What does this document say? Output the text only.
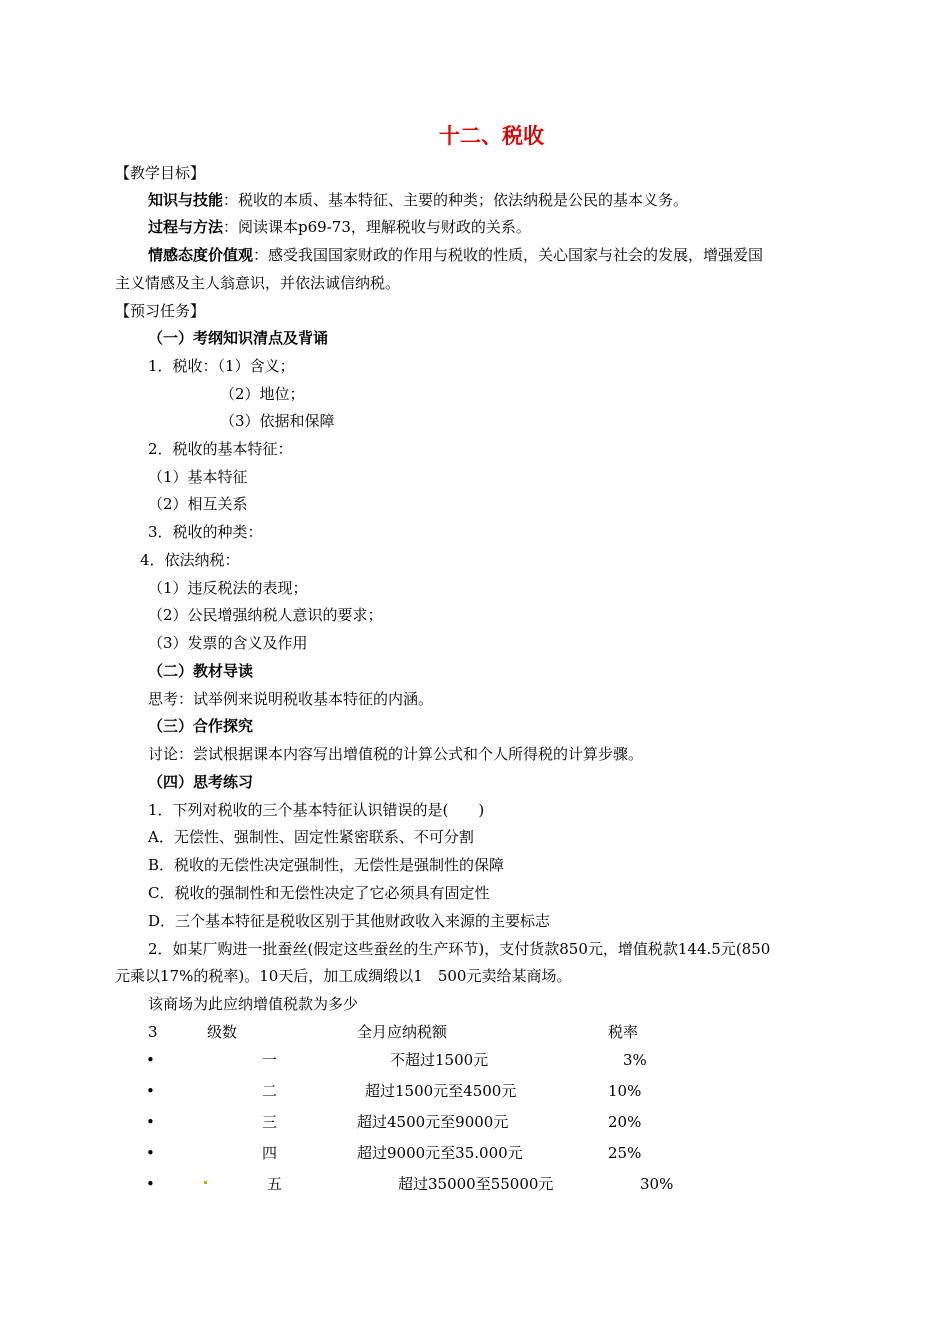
十二、税收
【教学目标】
知识与技能：税收的本质、基本特征、主要的种类；依法纳税是公民的基本义务。
过程与方法：阅读课本p69-73，理解税收与财政的关系。
情感态度价值观：感受我国国家财政的作用与税收的性质，关心国家与社会的发展，增强爱国
主义情感及主人翁意识，并依法诚信纳税。
【预习任务】
（一）考纲知识清点及背诵
1．税收：（1）含义；
（2）地位；
（3）依据和保障
2．税收的基本特征：
（1）基本特征
（2）相互关系
3．税收的种类：
4．依法纳税：
（1）违反税法的表现；
（2）公民增强纳税人意识的要求；
（3）发票的含义及作用
（二）教材导读
思考：试举例来说明税收基本特征的内涵。
（三）合作探究
讨论：尝试根据课本内容写出增值税的计算公式和个人所得税的计算步骤。
（四）思考练习
1．下列对税收的三个基本特征认识错误的是(　　)
A．无偿性、强制性、固定性紧密联系、不可分割
B．税收的无偿性决定强制性，无偿性是强制性的保障
C．税收的强制性和无偿性决定了它必须具有固定性
D．三个基本特征是税收区别于其他财政收入来源的主要标志
2．如某厂购进一批蚕丝(假定这些蚕丝的生产环节)，支付货款850元，增值税款144.5元(850
元乘以17%的税率)。10天后，加工成绸缎以1　500元卖给某商场。
该商场为此应纳增值税款为多少
3	级数	全月应纳税额	税率
•	一	不超过1500元	3%
•	二	超过1500元至4500元	10%
•	三	超过4500元至9000元	20%
•	四	超过9000元至35.000元	25%
•	五	超过35000至55000元	30%
